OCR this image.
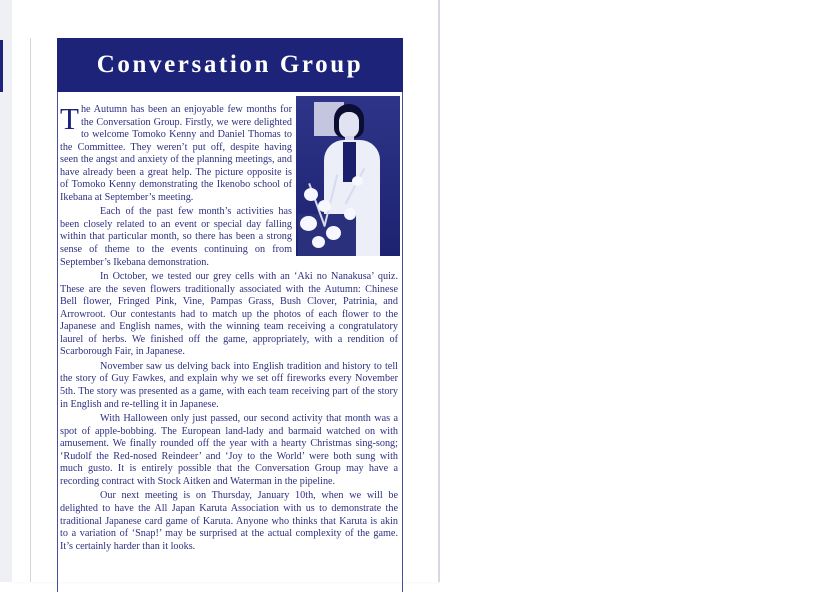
Conversation Group

T he Autumn has been an enjoyable few months for the Conversation Group. Firstly, we were delighted to welcome Tomoko Kenny and Daniel Thomas to the Committee. They weren’t put off, despite having seen the angst and anxiety of the planning meetings, and have already been a great help. The picture opposite is of Tomoko Kenny demonstrating the Ikenobo school of Ikebana at September’s meeting.

Each of the past few month’s activities has been closely related to an event or special day falling within that particular month, so there has been a strong sense of theme to the events continuing on from September’s Ikebana demonstration.

In October, we tested our grey cells with an ‘Aki no Nanakusa’ quiz. These are the seven flowers traditionally associated with the Autumn: Chinese Bell flower, Fringed Pink, Vine, Pampas Grass, Bush Clover, Patrinia, and Arrowroot. Our contestants had to match up the photos of each flower to the Japanese and English names, with the winning team receiving a congratulatory laurel of herbs. We finished off the game, appropriately, with a rendition of Scarborough Fair, in Japanese.

November saw us delving back into English tradition and history to tell the story of Guy Fawkes, and explain why we set off fireworks every November 5th. The story was presented as a game, with each team receiving part of the story in English and re-telling it in Japanese.

With Halloween only just passed, our second activity that month was a spot of apple-bobbing. The European land-lady and barmaid watched on with amusement. We finally rounded off the year with a hearty Christmas sing-song; ‘Rudolf the Red-nosed Reindeer’ and ‘Joy to the World’ were both sung with much gusto. It is entirely possible that the Conversation Group may have a recording contract with Stock Aitken and Waterman in the pipeline.

Our next meeting is on Thursday, January 10th, when we will be delighted to have the All Japan Karuta Association with us to demonstrate the traditional Japanese card game of Karuta. Anyone who thinks that Karuta is akin to a variation of ‘Snap!’ may be surprised at the actual complexity of the game. It’s certainly harder than it looks.
